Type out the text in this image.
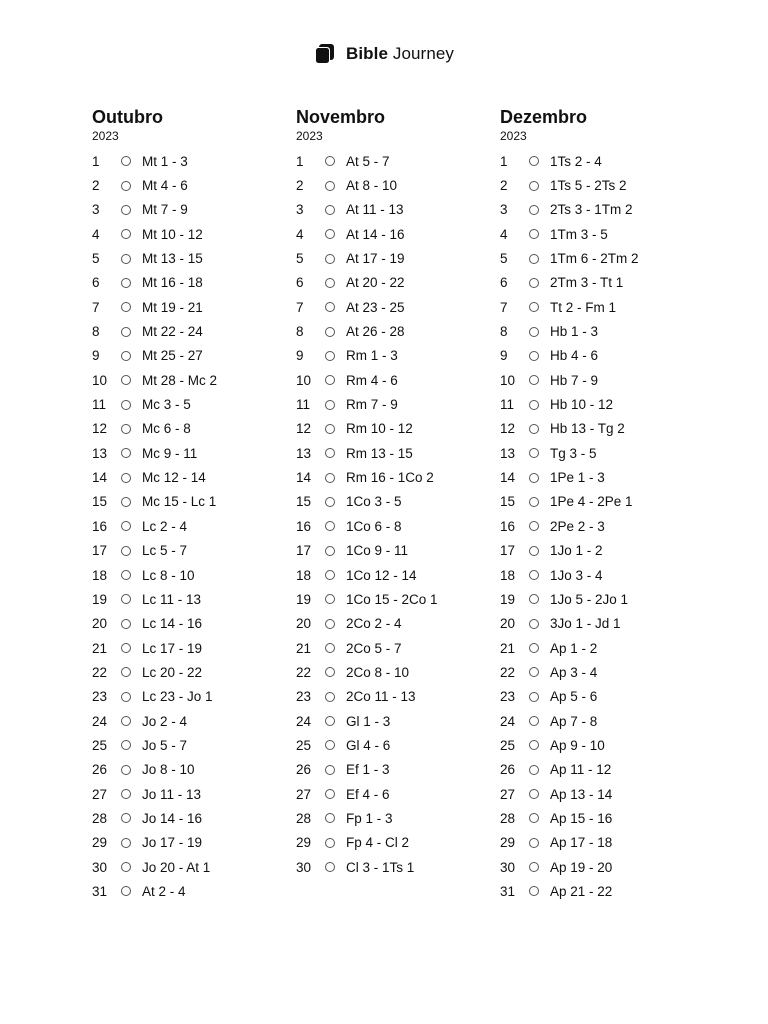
Bible Journey
Outubro
2023
1	Mt 1 - 3
2	Mt 4 - 6
3	Mt 7 - 9
4	Mt 10 - 12
5	Mt 13 - 15
6	Mt 16 - 18
7	Mt 19 - 21
8	Mt 22 - 24
9	Mt 25 - 27
10	Mt 28 - Mc 2
11	Mc 3 - 5
12	Mc 6 - 8
13	Mc 9 - 11
14	Mc 12 - 14
15	Mc 15 - Lc 1
16	Lc 2 - 4
17	Lc 5 - 7
18	Lc 8 - 10
19	Lc 11 - 13
20	Lc 14 - 16
21	Lc 17 - 19
22	Lc 20 - 22
23	Lc 23 - Jo 1
24	Jo 2 - 4
25	Jo 5 - 7
26	Jo 8 - 10
27	Jo 11 - 13
28	Jo 14 - 16
29	Jo 17 - 19
30	Jo 20 - At 1
31	At 2 - 4
Novembro
2023
1	At 5 - 7
2	At 8 - 10
3	At 11 - 13
4	At 14 - 16
5	At 17 - 19
6	At 20 - 22
7	At 23 - 25
8	At 26 - 28
9	Rm 1 - 3
10	Rm 4 - 6
11	Rm 7 - 9
12	Rm 10 - 12
13	Rm 13 - 15
14	Rm 16 - 1Co 2
15	1Co 3 - 5
16	1Co 6 - 8
17	1Co 9 - 11
18	1Co 12 - 14
19	1Co 15 - 2Co 1
20	2Co 2 - 4
21	2Co 5 - 7
22	2Co 8 - 10
23	2Co 11 - 13
24	Gl 1 - 3
25	Gl 4 - 6
26	Ef 1 - 3
27	Ef 4 - 6
28	Fp 1 - 3
29	Fp 4 - Cl 2
30	Cl 3 - 1Ts 1
Dezembro
2023
1	1Ts 2 - 4
2	1Ts 5 - 2Ts 2
3	2Ts 3 - 1Tm 2
4	1Tm 3 - 5
5	1Tm 6 - 2Tm 2
6	2Tm 3 - Tt 1
7	Tt 2 - Fm 1
8	Hb 1 - 3
9	Hb 4 - 6
10	Hb 7 - 9
11	Hb 10 - 12
12	Hb 13 - Tg 2
13	Tg 3 - 5
14	1Pe 1 - 3
15	1Pe 4 - 2Pe 1
16	2Pe 2 - 3
17	1Jo 1 - 2
18	1Jo 3 - 4
19	1Jo 5 - 2Jo 1
20	3Jo 1 - Jd 1
21	Ap 1 - 2
22	Ap 3 - 4
23	Ap 5 - 6
24	Ap 7 - 8
25	Ap 9 - 10
26	Ap 11 - 12
27	Ap 13 - 14
28	Ap 15 - 16
29	Ap 17 - 18
30	Ap 19 - 20
31	Ap 21 - 22
